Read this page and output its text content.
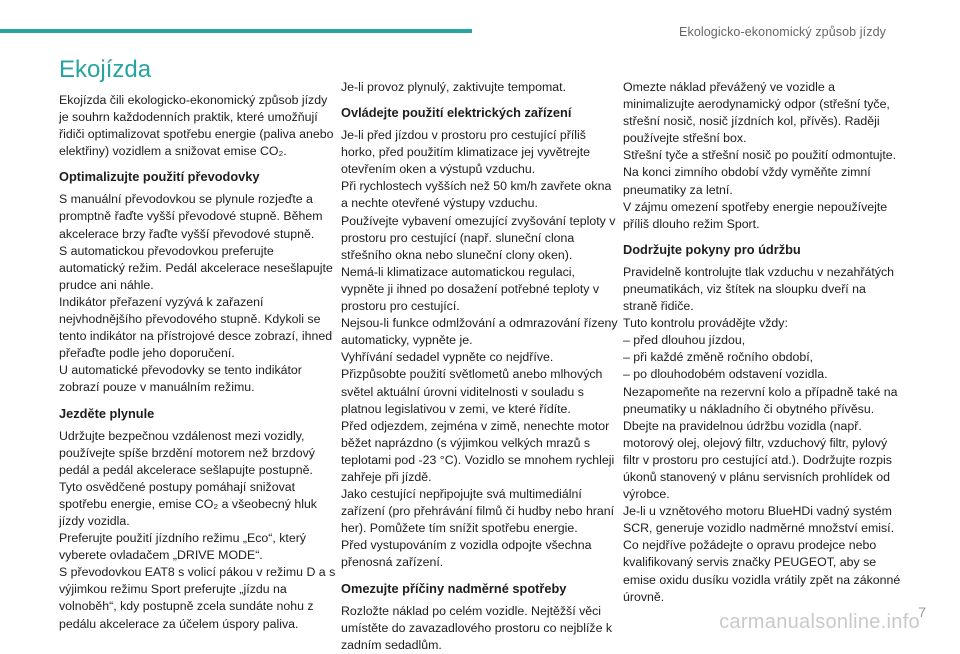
Ekologicko-ekonomický způsob jízdy
Ekojízda

Ekojízda čili ekologicko-ekonomický způsob jízdy je souhrn každodenních praktik, které umožňují řidiči optimalizovat spotřebu energie (paliva anebo elektřiny) vozidlem a snižovat emise CO₂.

Optimalizujte použití převodovky

S manuální převodovkou se plynule rozjeďte a promptně řaďte vyšší převodové stupně. Během akcelerace brzy řaďte vyšší převodové stupně.
S automatickou převodovkou preferujte automatický režim. Pedál akcelerace nesešlapujte prudce ani náhle.
Indikátor přeřazení vyzývá k zařazení nejvhodnějšího převodového stupně. Kdykoli se tento indikátor na přístrojové desce zobrazí, ihned přeřaďte podle jeho doporučení.
U automatické převodovky se tento indikátor zobrazí pouze v manuálním režimu.

Jezděte plynule

Udržujte bezpečnou vzdálenost mezi vozidly, používejte spíše brzdění motorem než brzdový pedál a pedál akcelerace sešlapujte postupně. Tyto osvědčené postupy pomáhají snižovat spotřebu energie, emise CO₂ a všeobecný hluk jízdy vozidla.
Preferujte použití jízdního režimu „Eco“, který vyberete ovladačem „DRIVE MODE“.
S převodovkou EAT8 s volicí pákou v režimu D a s výjimkou režimu Sport preferujte „jízdu na volnoběh“, kdy postupně zcela sundáte nohu z pedálu akcelerace za účelem úspory paliva.

Je-li provoz plynulý, zaktivujte tempomat.

Ovládejte použití elektrických zařízení

Je-li před jízdou v prostoru pro cestující příliš horko, před použitím klimatizace jej vyvětrejte otevřením oken a výstupů vzduchu.
Při rychlostech vyšších než 50 km/h zavřete okna a nechte otevřené výstupy vzduchu.
Používejte vybavení omezující zvyšování teploty v prostoru pro cestující (např. sluneční clona střešního okna nebo sluneční clony oken).
Nemá-li klimatizace automatickou regulaci, vypněte ji ihned po dosažení potřebné teploty v prostoru pro cestující.
Nejsou-li funkce odmlžování a odmrazování řízeny automaticky, vypněte je.
Vyhřívání sedadel vypněte co nejdříve.
Přizpůsobte použití světlometů anebo mlhových světel aktuální úrovni viditelnosti v souladu s platnou legislativou v zemi, ve které řídíte.
Před odjezdem, zejména v zimě, nenechte motor běžet naprázdno (s výjimkou velkých mrazů s teplotami pod -23 °C). Vozidlo se mnohem rychleji zahřeje při jízdě.
Jako cestující nepřipojujte svá multimediální zařízení (pro přehrávání filmů či hudby nebo hraní her). Pomůžete tím snížit spotřebu energie.
Před vystupováním z vozidla odpojte všechna přenosná zařízení.

Omezujte příčiny nadměrné spotřeby

Rozložte náklad po celém vozidle. Nejtěžší věci umístěte do zavazadlového prostoru co nejblíže k zadním sedadlům.

Omezte náklad převážený ve vozidle a minimalizujte aerodynamický odpor (střešní tyče, střešní nosič, nosič jízdních kol, přívěs). Raději používejte střešní box.
Střešní tyče a střešní nosič po použití odmontujte.
Na konci zimního období vždy vyměňte zimní pneumatiky za letní.
V zájmu omezení spotřeby energie nepoužívejte příliš dlouho režim Sport.

Dodržujte pokyny pro údržbu

Pravidelně kontrolujte tlak vzduchu v nezahřátých pneumatikách, viz štítek na sloupku dveří na straně řidiče.
Tuto kontrolu provádějte vždy:
– před dlouhou jízdou,
– při každé změně ročního období,
– po dlouhodobém odstavení vozidla.
Nezapomeňte na rezervní kolo a případně také na pneumatiky u nákladního či obytného přívěsu.
Dbejte na pravidelnou údržbu vozidla (např. motorový olej, olejový filtr, vzduchový filtr, pylový filtr v prostoru pro cestující atd.). Dodržujte rozpis úkonů stanovený v plánu servisních prohlídek od výrobce.
Je-li u vznětového motoru BlueHDi vadný systém SCR, generuje vozidlo nadměrné množství emisí. Co nejdříve požádejte o opravu prodejce nebo kvalifikovaný servis značky PEUGEOT, aby se emise oxidu dusíku vozidla vrátily zpět na zákonné úrovně.

7
carmanualsonline.info
